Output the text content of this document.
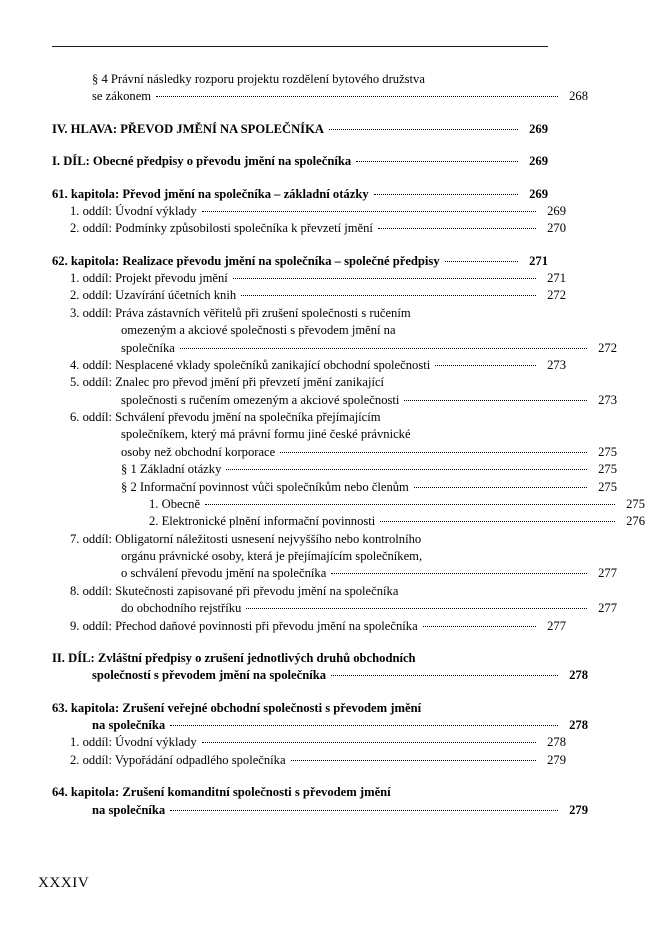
§ 4 Právní následky rozporu projektu rozdělení bytového družstva
se zákonem	268
IV. HLAVA: PŘEVOD JMĚNÍ NA SPOLEČNÍKA	269
I. DÍL: Obecné předpisy o převodu jmění na společníka	269
61. kapitola: Převod jmění na společníka – základní otázky	269
1. oddíl: Úvodní výklady	269
2. oddíl: Podmínky způsobilosti společníka k převzetí jmění	270
62. kapitola: Realizace převodu jmění na společníka – společné předpisy	271
1. oddíl: Projekt převodu jmění	271
2. oddíl: Uzavírání účetních knih	272
3. oddíl: Práva zástavních věřitelů při zrušení společnosti s ručením
omezeným a akciové společnosti s převodem jmění na
společníka	272
4. oddíl: Nesplacené vklady společníků zanikající obchodní společnosti	273
5. oddíl: Znalec pro převod jmění při převzetí jmění zanikající
společnosti s ručením omezeným a akciové společnosti	273
6. oddíl: Schválení převodu jmění na společníka přejímajícím
společníkem, který má právní formu jiné české právnické
osoby než obchodní korporace	275
§ 1 Základní otázky	275
§ 2 Informační povinnost vůči společníkům nebo členům	275
1. Obecně	275
2. Elektronické plnění informační povinnosti	276
7. oddíl: Obligatorní náležitosti usnesení nejvyššího nebo kontrolního
orgánu právnické osoby, která je přejímajícím společníkem,
o schválení převodu jmění na společníka	277
8. oddíl: Skutečnosti zapisované při převodu jmění na společníka
do obchodního rejstříku	277
9. oddíl: Přechod daňové povinnosti při převodu jmění na společníka	277
II. DÍL: Zvláštní předpisy o zrušení jednotlivých druhů obchodních
společností s převodem jmění na společníka	278
63. kapitola: Zrušení veřejné obchodní společnosti s převodem jmění
na společníka	278
1. oddíl: Úvodní výklady	278
2. oddíl: Vypořádání odpadlého společníka	279
64. kapitola: Zrušení komanditní společnosti s převodem jmění
na společníka	279
XXXIV
